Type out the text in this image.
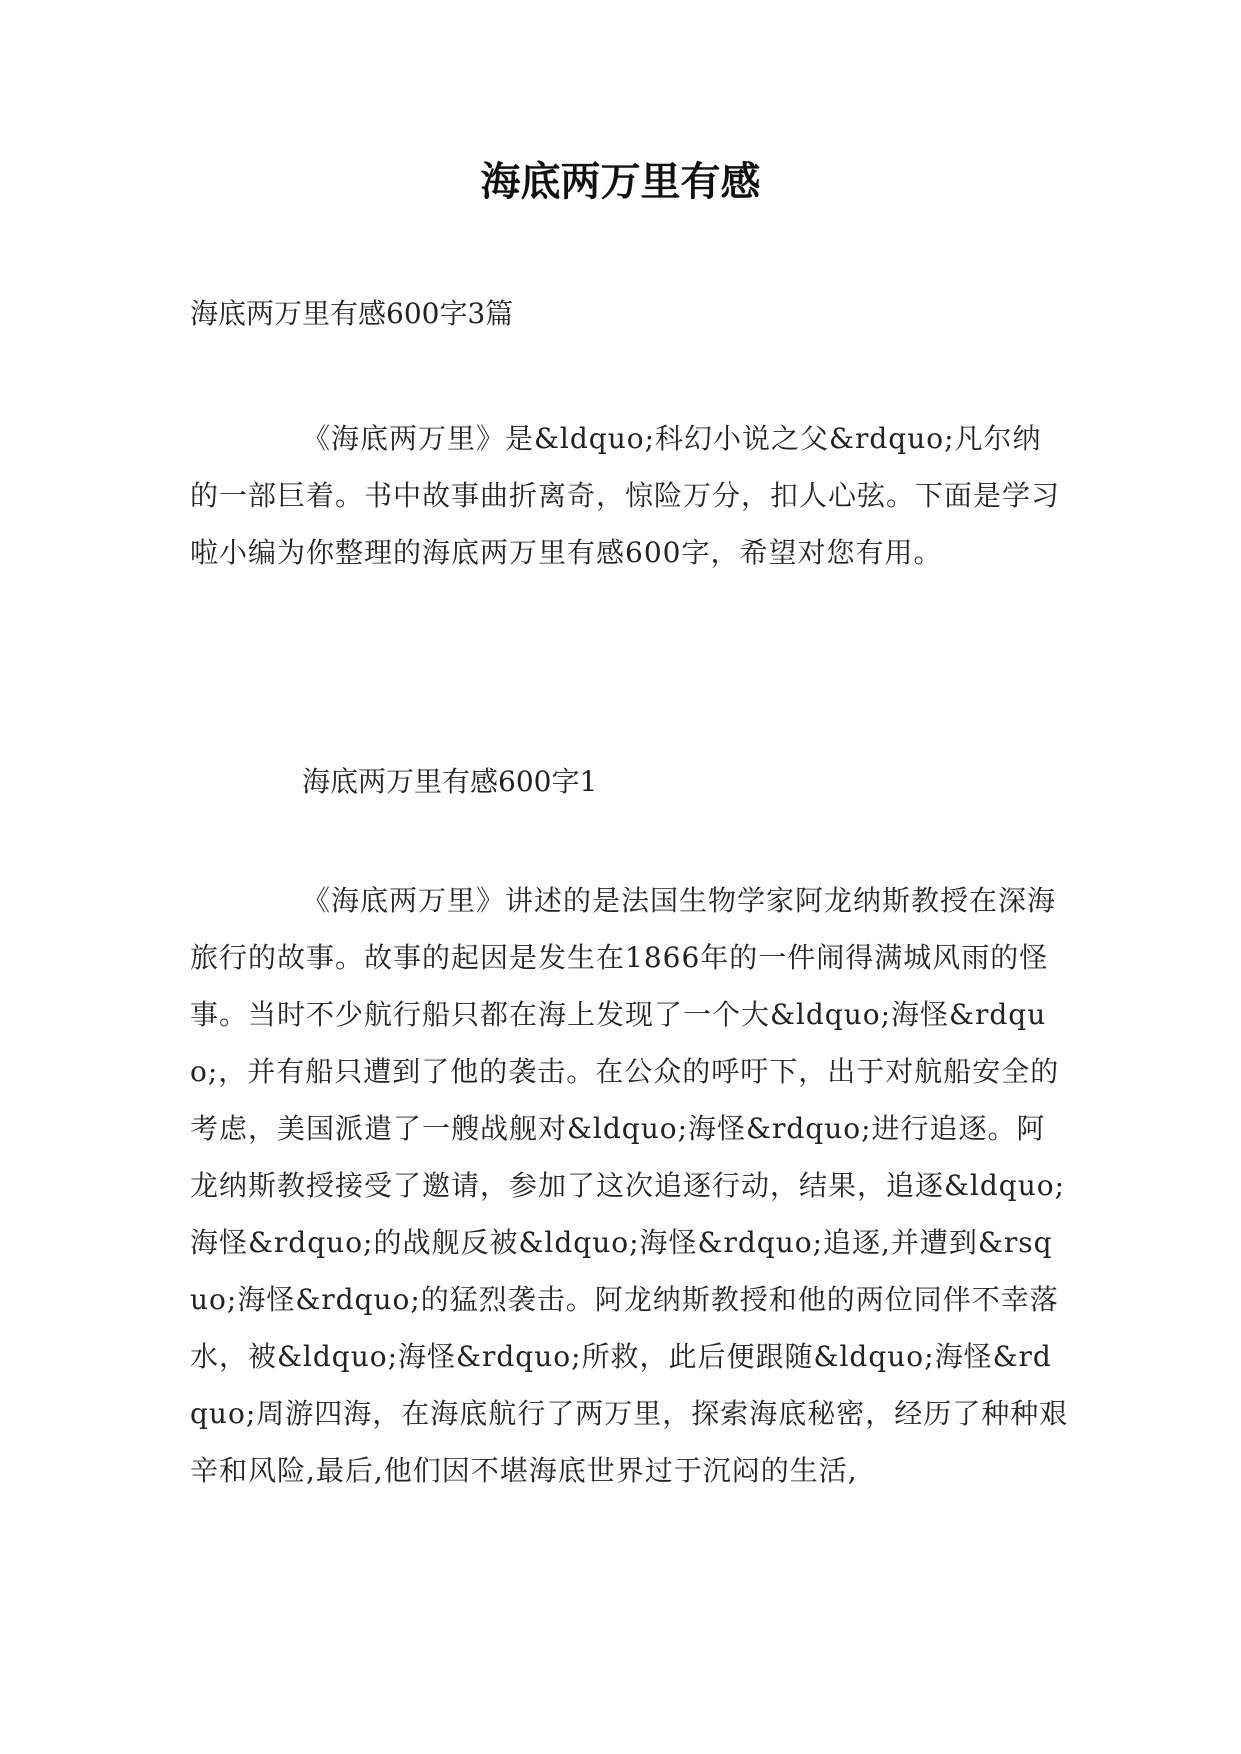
海底两万里有感
海底两万里有感600字3篇

《海底两万里》是&ldquo;科幻小说之父&rdquo;凡尔纳的一部巨着。书中故事曲折离奇，惊险万分，扣人心弦。下面是学习啦小编为你整理的海底两万里有感600字，希望对您有用。

海底两万里有感600字1

《海底两万里》讲述的是法国生物学家阿龙纳斯教授在深海旅行的故事。故事的起因是发生在1866年的一件闹得满城风雨的怪事。当时不少航行船只都在海上发现了一个大&ldquo;海怪&rdquo;，并有船只遭到了他的袭击。在公众的呼吁下，出于对航船安全的考虑，美国派遣了一艘战舰对&ldquo;海怪&rdquo;进行追逐。阿龙纳斯教授接受了邀请，参加了这次追逐行动，结果，追逐&ldquo;海怪&rdquo;的战舰反被&ldquo;海怪&rdquo;追逐,并遭到&rsquo;海怪&rdquo;的猛烈袭击。阿龙纳斯教授和他的两位同伴不幸落水，被&ldquo;海怪&rdquo;所救，此后便跟随&ldquo;海怪&rdquo;周游四海，在海底航行了两万里，探索海底秘密，经历了种种艰辛和风险,最后,他们因不堪海底世界过于沉闷的生活,
